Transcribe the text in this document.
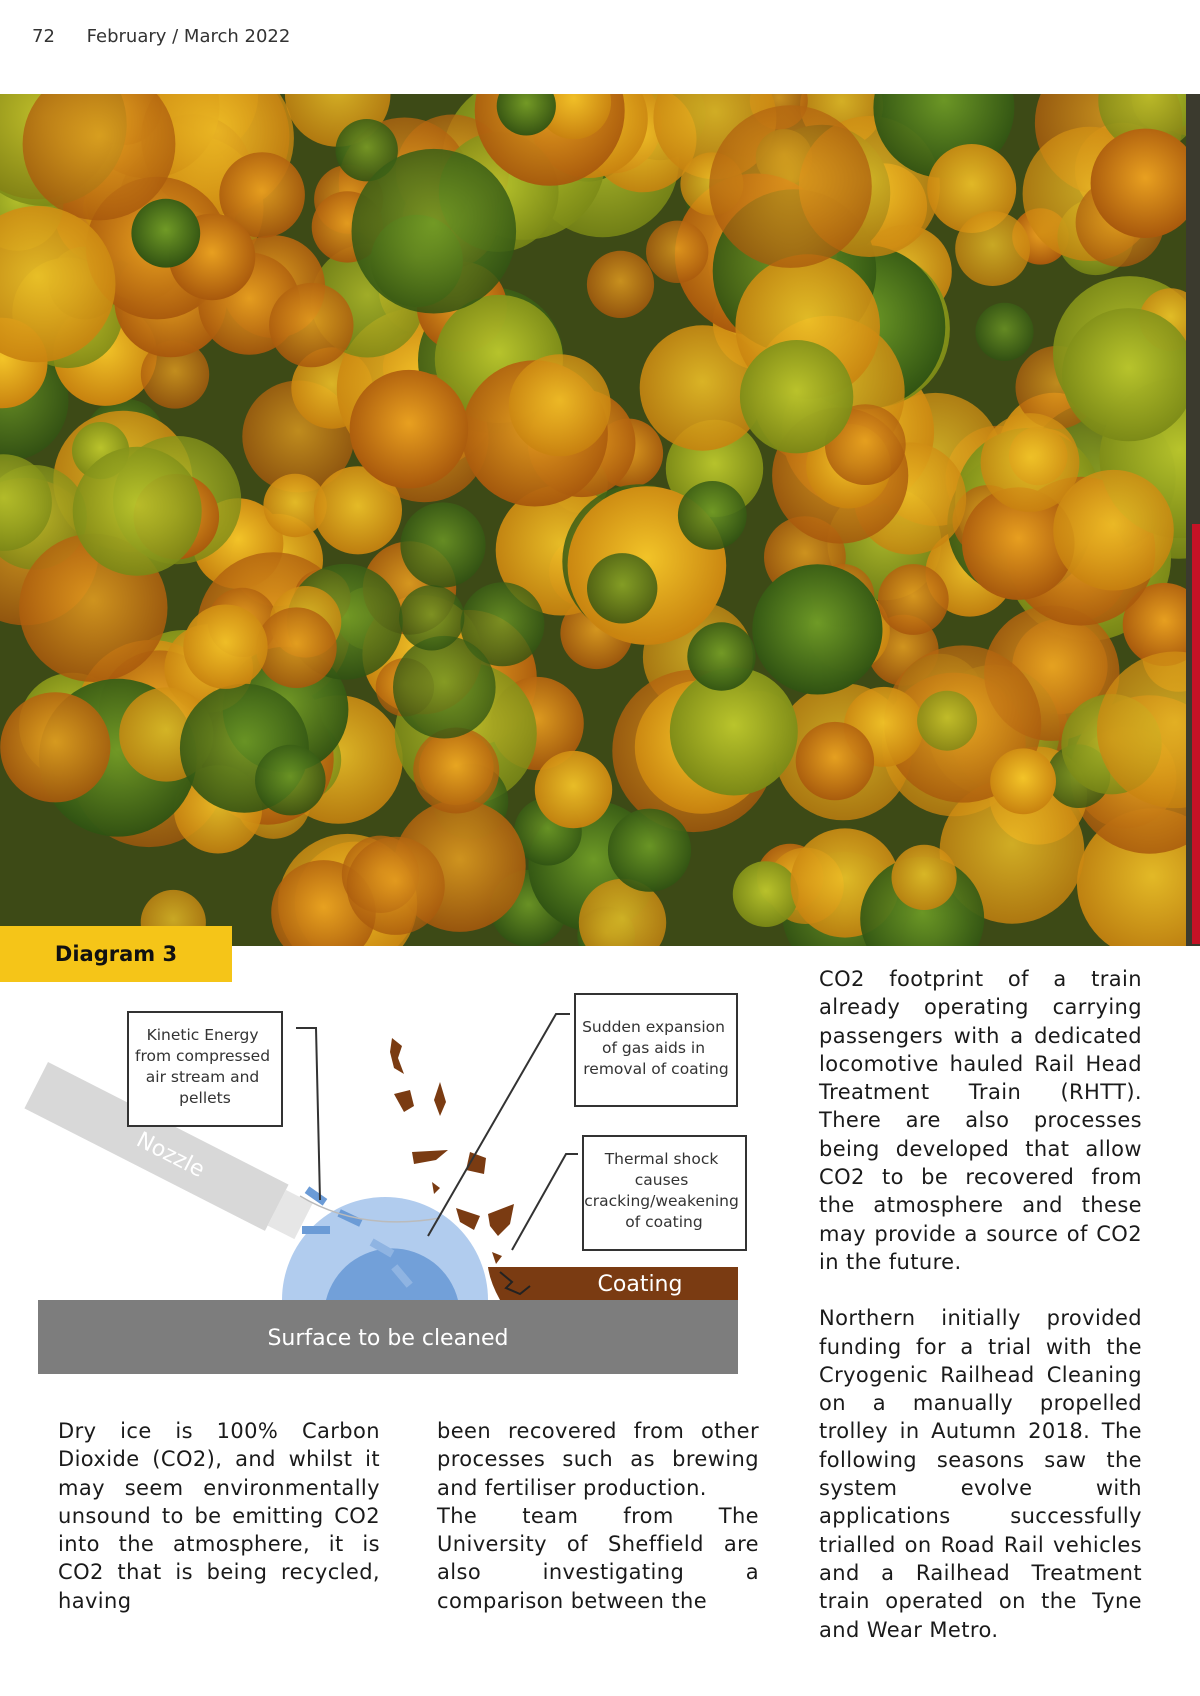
72 February / March 2022
Diagram 3
Surface to be cleaned
Coating
Nozzle
Kinetic Energy from compressed air stream and pellets
Sudden expansion of gas aids in removal of coating
Thermal shock causes cracking/weakening of coating

Dry ice is 100% Carbon Dioxide (CO2), and whilst it may seem environmentally unsound to be emitting CO2 into the atmosphere, it is CO2 that is being recycled, having

been recovered from other processes such as brewing and fertiliser production.

The team from The University of Sheffield are also investigating a comparison between the

CO2 footprint of a train already operating carrying passengers with a dedicated locomotive hauled Rail Head Treatment Train (RHTT). There are also processes being developed that allow CO2 to be recovered from the atmosphere and these may provide a source of CO2 in the future.

Northern initially provided funding for a trial with the Cryogenic Railhead Cleaning on a manually propelled trolley in Autumn 2018. The following seasons saw the system evolve with applications successfully trialled on Road Rail vehicles and a Railhead Treatment train operated on the Tyne and Wear Metro.
